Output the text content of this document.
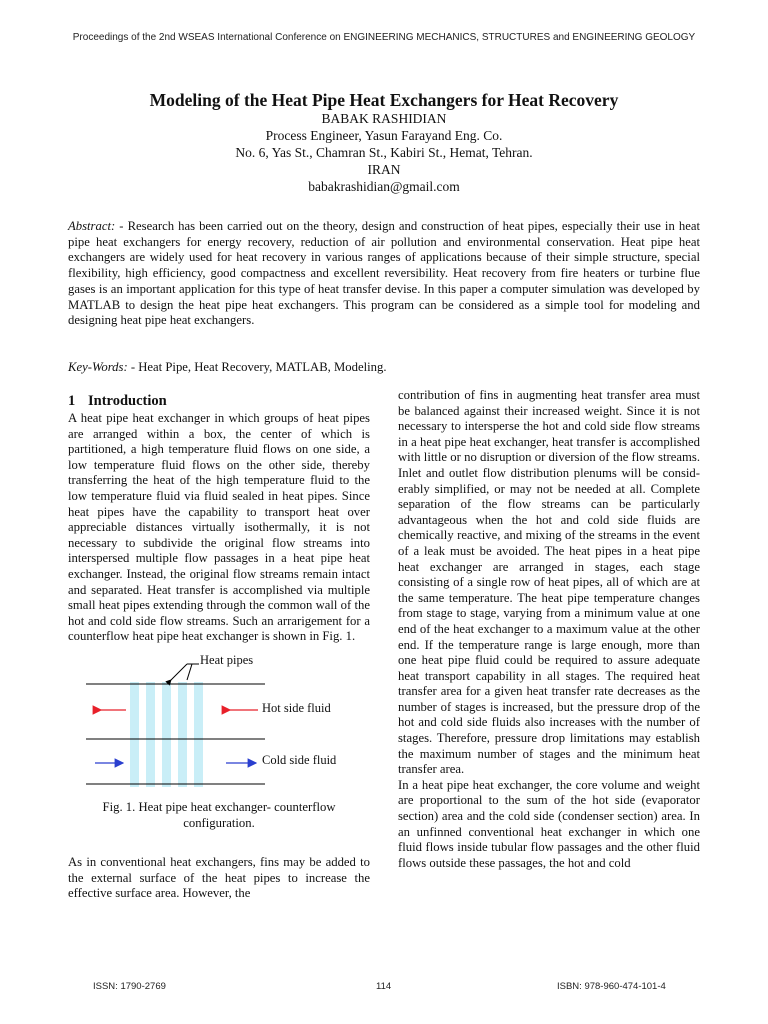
Proceedings of the 2nd WSEAS International Conference on ENGINEERING MECHANICS, STRUCTURES and ENGINEERING GEOLOGY
Modeling of the Heat Pipe Heat Exchangers for Heat Recovery
BABAK RASHIDIAN
Process Engineer, Yasun Farayand Eng. Co.
No. 6, Yas St., Chamran St., Kabiri St., Hemat, Tehran.
IRAN
babakrashidian@gmail.com

Abstract: - Research has been carried out on the theory, design and construction of heat pipes, especially their use in heat pipe heat exchangers for energy recovery, reduction of air pollution and environmental conservation. Heat pipe heat exchangers are widely used for heat recovery in various ranges of applications because of their simple structure, special flexibility, high efficiency, good compactness and excellent reversibility. Heat recovery from fire heaters or turbine flue gases is an important application for this type of heat transfer devise. In this paper a computer simulation was developed by MATLAB to design the heat pipe heat exchangers. This program can be considered as a simple tool for modeling and designing heat pipe heat exchangers.

Key-Words: - Heat Pipe, Heat Recovery, MATLAB, Modeling.

1 Introduction

A heat pipe heat exchanger in which groups of heat pipes are arranged within a box, the center of which is partitioned, a high temperature fluid flows on one side, a low temperature fluid flows on the other side, thereby transferring the heat of the high temperature fluid to the low temperature fluid via fluid sealed in heat pipes. Since heat pipes have the capability to transport heat over appreciable distances virtually isothermally, it is not necessary to subdivide the original flow streams into interspersed multiple flow passages in a heat pipe heat exchanger. Instead, the original flow streams remain intact and separated. Heat transfer is accomplished via multiple small heat pipes extending through the common wall of the hot and cold side flow streams. Such an arrarigement for a counterflow heat pipe heat exchanger is shown in Fig. 1.

Heat pipes
Hot side fluid
Cold side fluid

Fig. 1. Heat pipe heat exchanger- counterflow configuration.

As in conventional heat exchangers, fins may be added to the external surface of the heat pipes to increase the effective surface area. However, the

contribution of fins in augmenting heat transfer area must be balanced against their increased weight. Since it is not necessary to intersperse the hot and cold side flow streams in a heat pipe heat exchanger, heat transfer is accomplished with little or no disruption or diversion of the flow streams. Inlet and outlet flow distribution plenums will be consid-erably simplified, or may not be needed at all. Complete separation of the flow streams can be particularly advantageous when the hot and cold side fluids are chemically reactive, and mixing of the streams in the event of a leak must be avoided. The heat pipes in a heat pipe heat exchanger are arranged in stages, each stage consisting of a single row of heat pipes, all of which are at the same temperature. The heat pipe temperature changes from stage to stage, varying from a minimum value at one end of the heat exchanger to a maximum value at the other end. If the temperature range is large enough, more than one heat pipe fluid could be required to assure adequate heat transport capability in all stages. The required heat transfer area for a given heat transfer rate decreases as the number of stages is increased, but the pressure drop of the hot and cold side fluids also increases with the number of stages. Therefore, pressure drop limitations may establish the maximum number of stages and the minimum heat transfer area.

In a heat pipe heat exchanger, the core volume and weight are proportional to the sum of the hot side (evaporator section) area and the cold side (condenser section) area. In an unfinned conventional heat exchanger in which one fluid flows inside tubular flow passages and the other fluid flows outside these passages, the hot and cold

ISSN: 1790-2769	114	ISBN: 978-960-474-101-4
